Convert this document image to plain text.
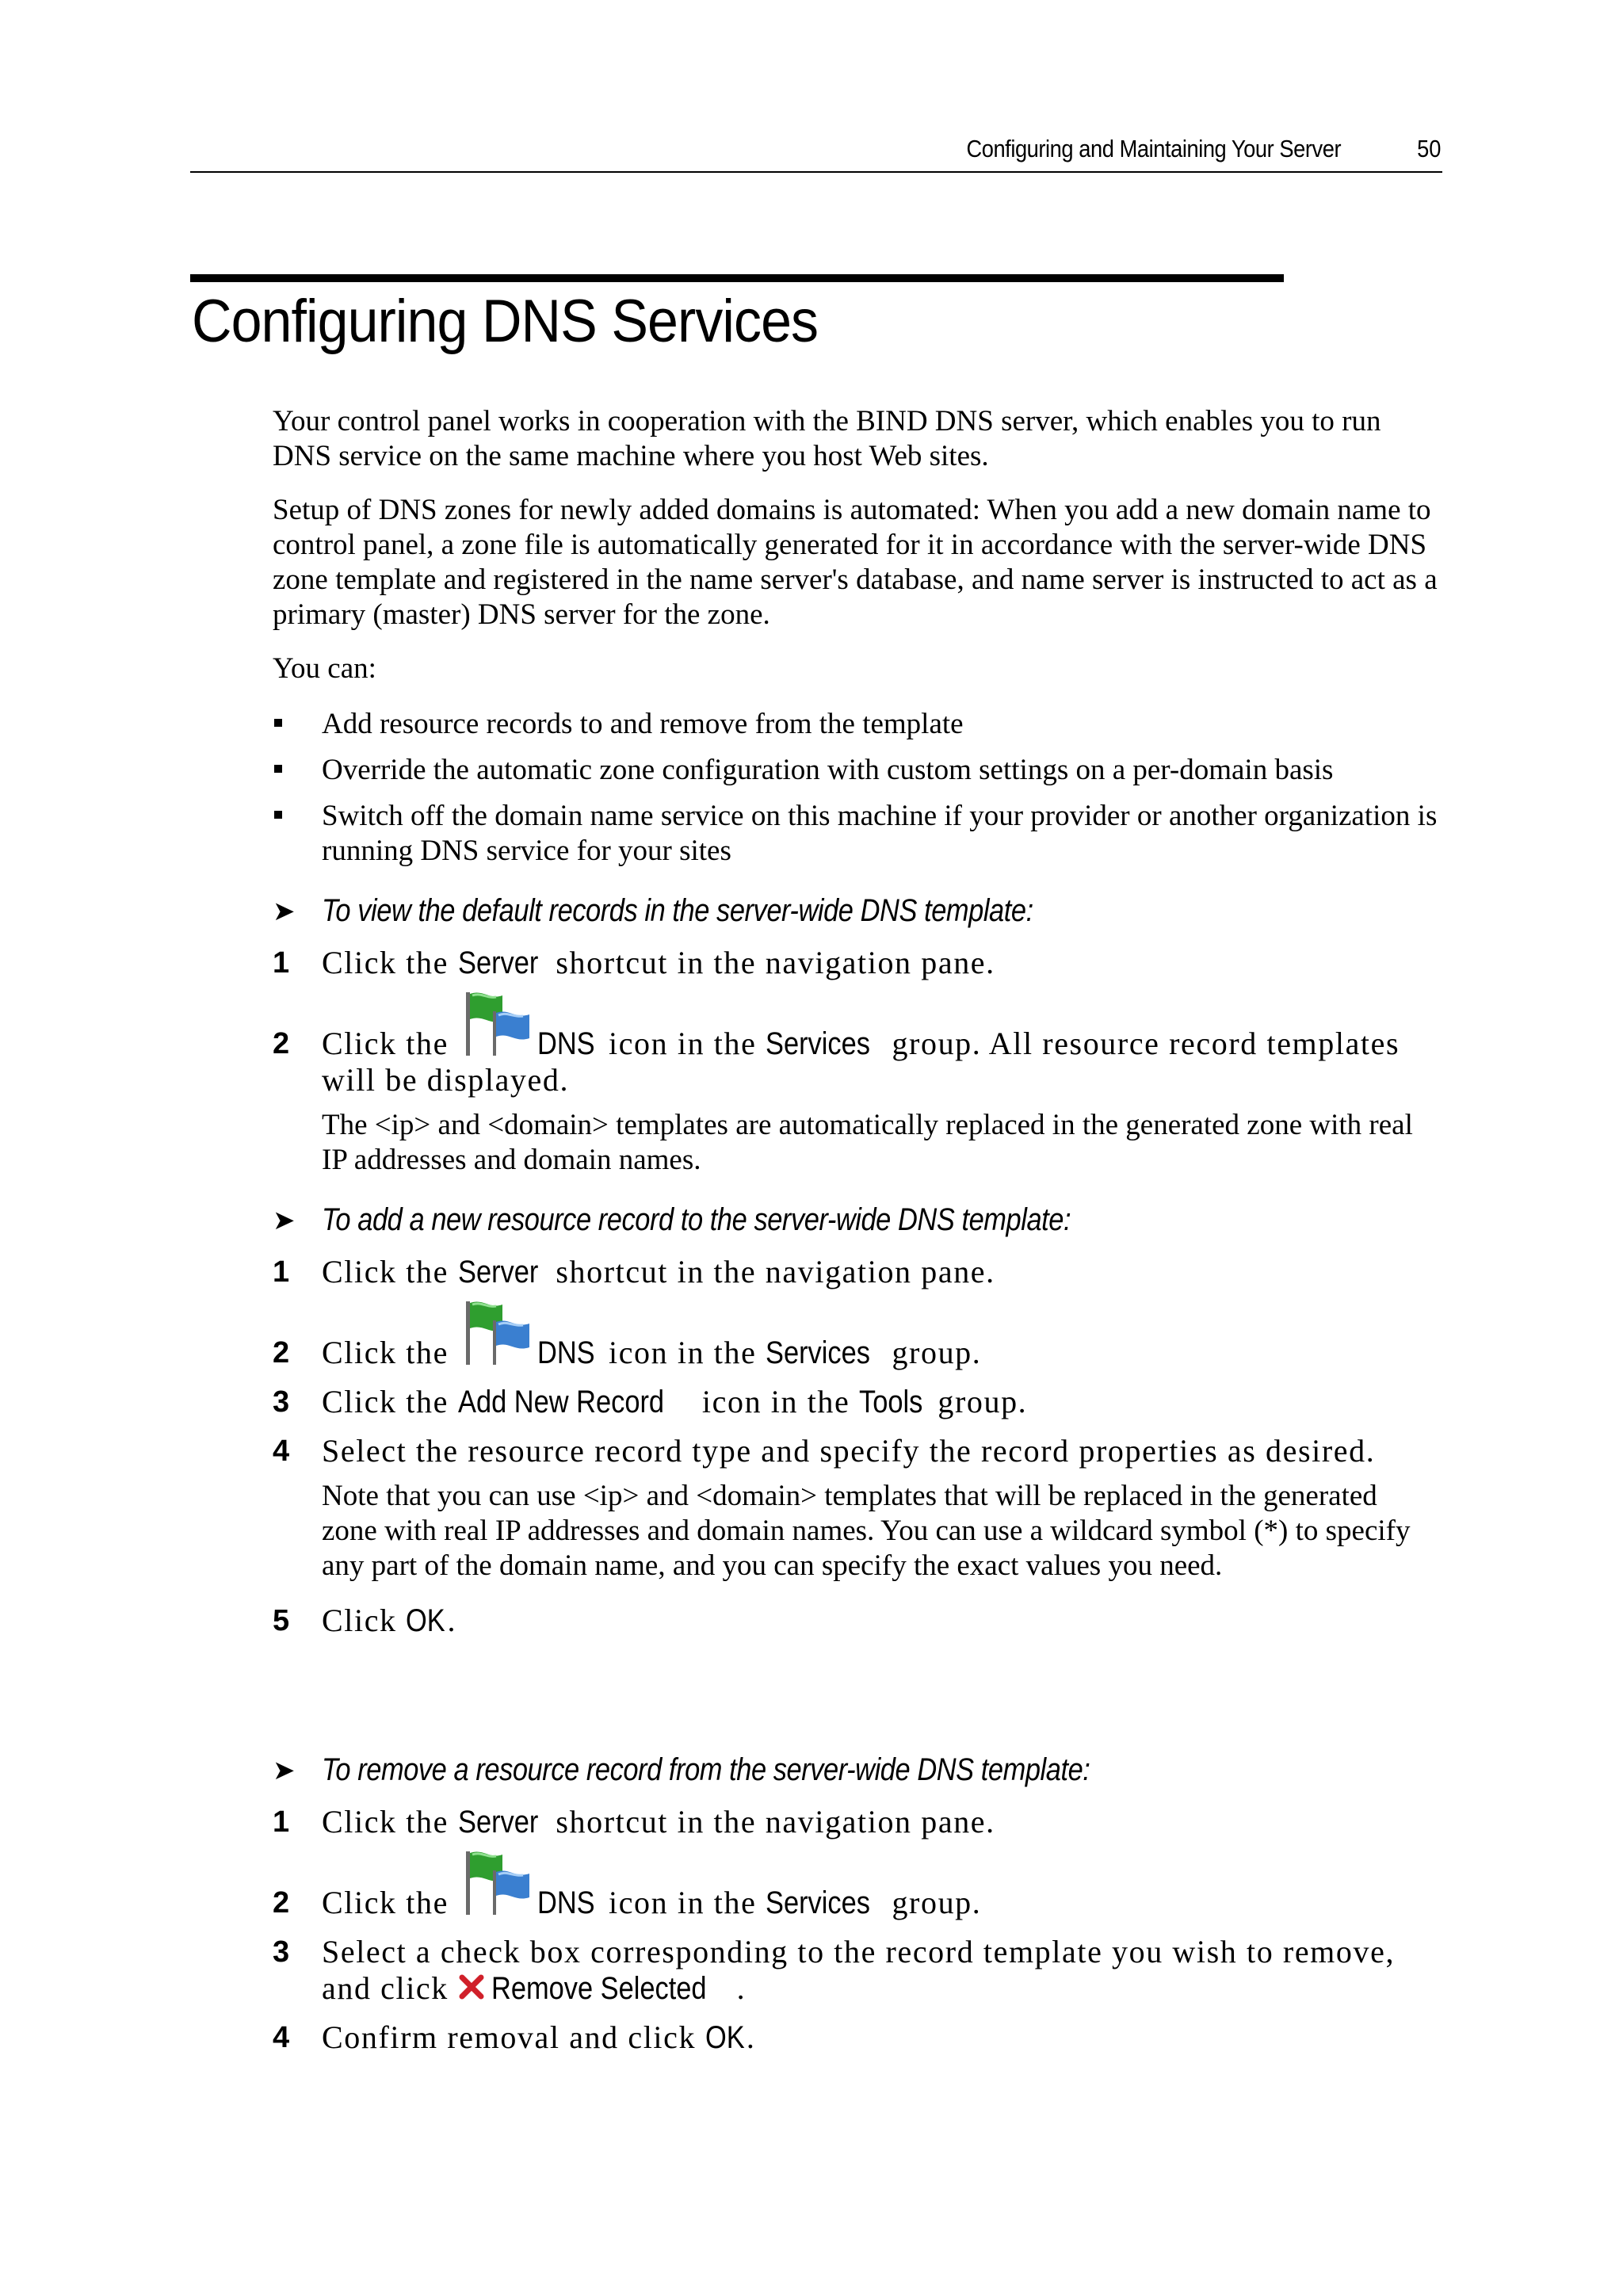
Configuring and Maintaining Your Server	50
Configuring DNS Services

Your control panel works in cooperation with the BIND DNS server, which enables you to run DNS service on the same machine where you host Web sites.

Setup of DNS zones for newly added domains is automated: When you add a new domain name to control panel, a zone file is automatically generated for it in accordance with the server-wide DNS zone template and registered in the name server's database, and name server is instructed to act as a primary (master) DNS server for the zone.

You can:

Add resource records to and remove from the template
Override the automatic zone configuration with custom settings on a per-domain basis
Switch off the domain name service on this machine if your provider or another organization is running DNS service for your sites
➤ To view the default records in the server-wide DNS template:
1 Click the Server shortcut in the navigation pane.
2 Click the	DNS icon in the Services group. All resource record templates will be displayed.

The <ip> and <domain> templates are automatically replaced in the generated zone with real IP addresses and domain names.

➤ To add a new resource record to the server-wide DNS template:
1 Click the Server shortcut in the navigation pane.
2 Click the	DNS icon in the Services group.
3 Click the Add New Record icon in the Tools group.
4 Select the resource record type and specify the record properties as desired.

Note that you can use <ip> and <domain> templates that will be replaced in the generated zone with real IP addresses and domain names. You can use a wildcard symbol (*) to specify any part of the domain name, and you can specify the exact values you need.

5 Click OK.
➤ To remove a resource record from the server-wide DNS template:
1 Click the Server shortcut in the navigation pane.
2 Click the	DNS icon in the Services group.
3 Select a check box corresponding to the record template you wish to remove, and click
Remove Selected .
4 Confirm removal and click OK.
